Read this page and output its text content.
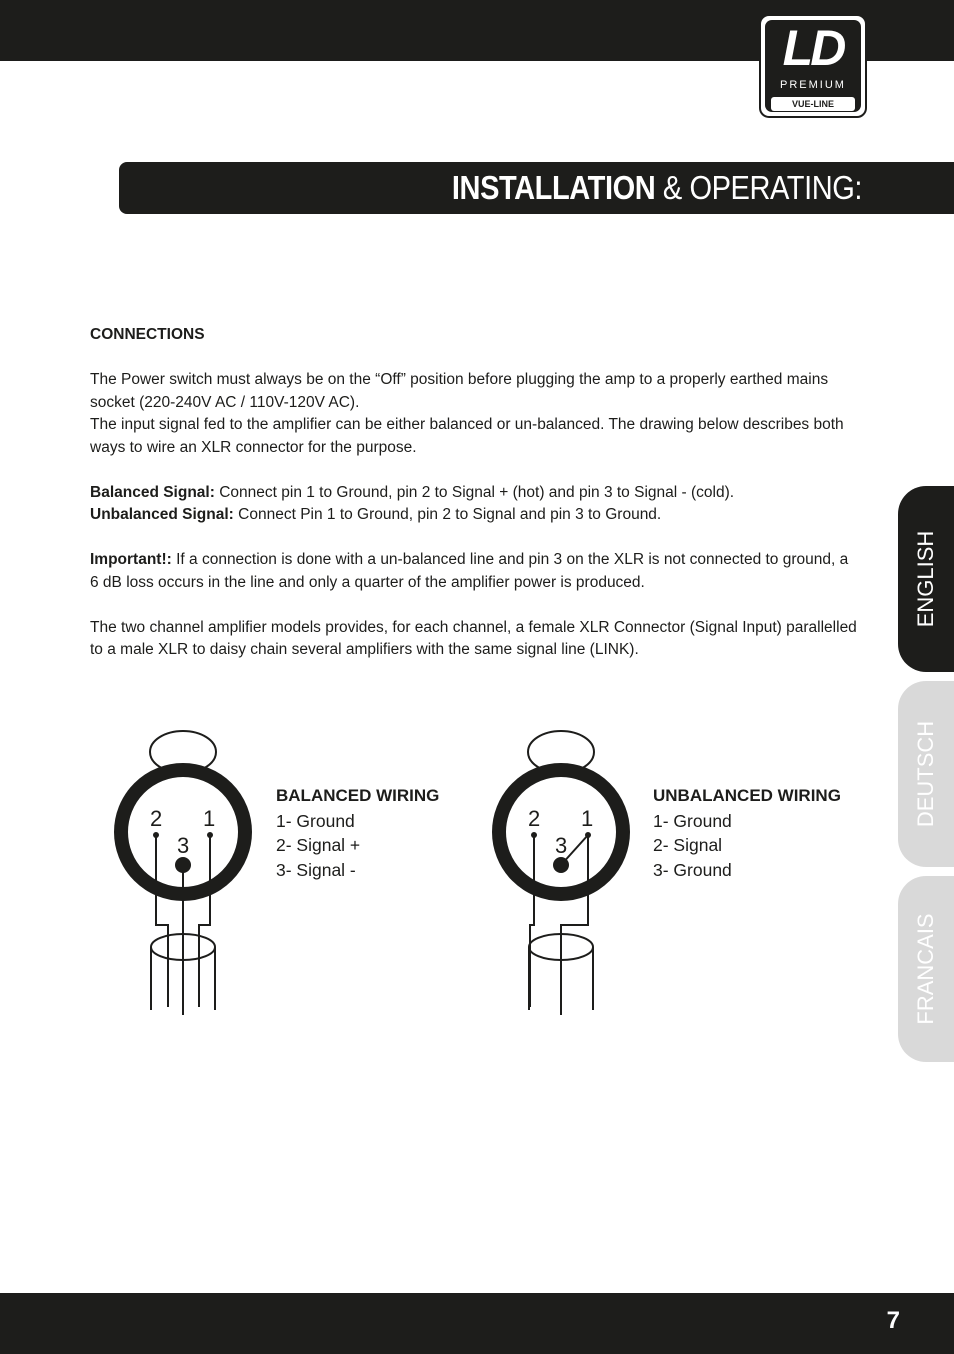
LD
PREMIUM
VUE-LINE
INSTALLATION & OPERATING:

CONNECTIONS

The Power switch must always be on the “Off” position before plugging the amp to a properly earthed mains socket (220-240V AC / 110V-120V AC).

The input signal fed to the amplifier can be either balanced or un-balanced. The drawing below describes both ways to wire an XLR connector for the purpose.

Balanced Signal: Connect pin 1 to Ground, pin 2 to Signal + (hot) and pin 3 to Signal - (cold).

Unbalanced Signal: Connect Pin 1 to Ground, pin 2 to Signal and pin 3 to Ground.

Important!: If a connection is done with a un-balanced line and pin 3 on the XLR is not connected to ground, a 6 dB loss occurs in the line and only a quarter of the amplifier power is produced.

The two channel amplifier models provides, for each channel, a female XLR Connector (Signal Input) parallelled to a male XLR to daisy chain several amplifiers with the same signal line (LINK).

2 1
3
BALANCED WIRING
1- Ground
2- Signal +
3- Signal -
2 1
3
UNBALANCED WIRING
1- Ground
2- Signal
3- Ground
ENGLISH
DEUTSCH
FRANCAIS
7
